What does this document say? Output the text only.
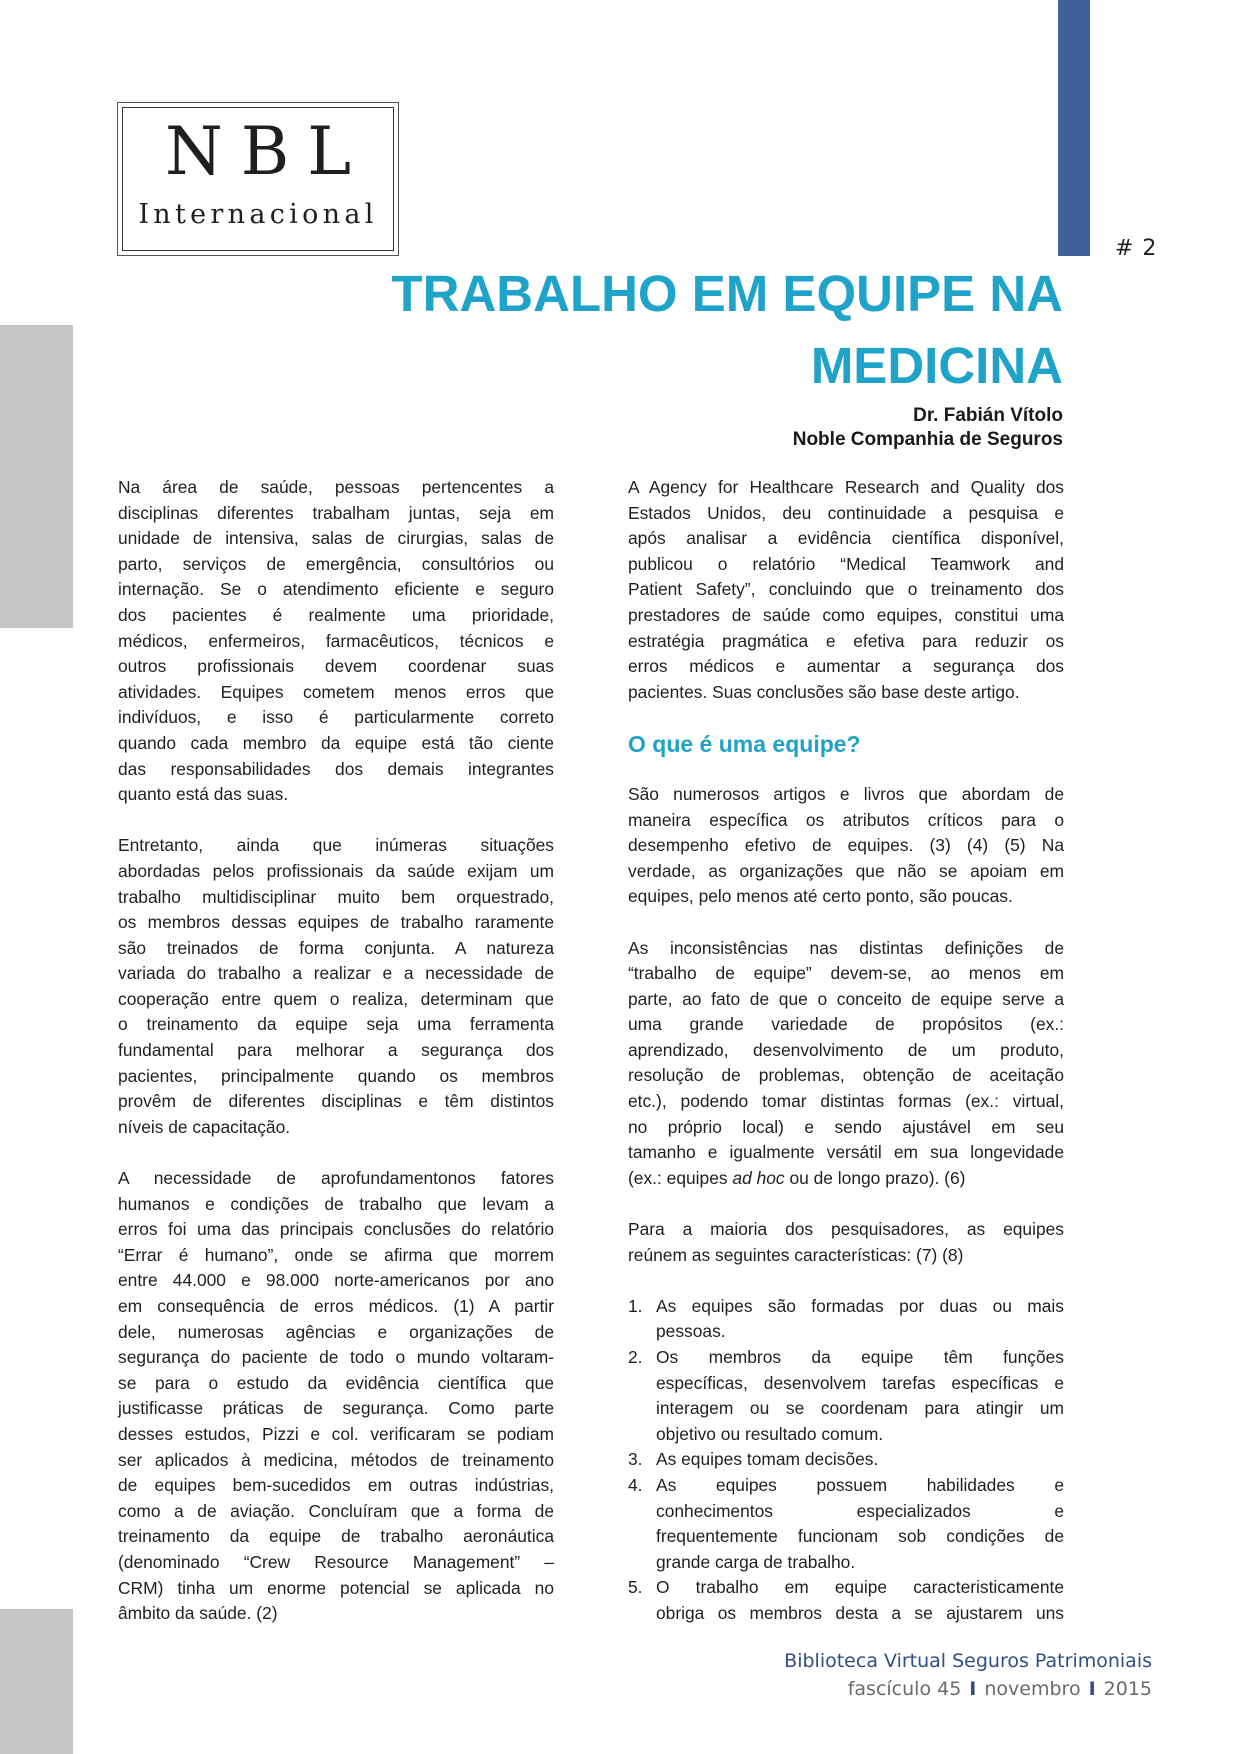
# 2
NBL
Internacional
TRABALHO EM EQUIPE NA
MEDICINA
Dr. Fabián Vítolo
Noble Companhia de Seguros
Na área de saúde, pessoas pertencentes a
disciplinas diferentes trabalham juntas, seja em
unidade de intensiva, salas de cirurgias, salas de
parto, serviços de emergência, consultórios ou
internação. Se o atendimento eficiente e seguro
dos pacientes é realmente uma prioridade,
médicos, enfermeiros, farmacêuticos, técnicos e
outros profissionais devem coordenar suas
atividades. Equipes cometem menos erros que
indivíduos, e isso é particularmente correto
quando cada membro da equipe está tão ciente
das responsabilidades dos demais integrantes
quanto está das suas.
Entretanto, ainda que inúmeras situações
abordadas pelos profissionais da saúde exijam um
trabalho multidisciplinar muito bem orquestrado,
os membros dessas equipes de trabalho raramente
são treinados de forma conjunta. A natureza
variada do trabalho a realizar e a necessidade de
cooperação entre quem o realiza, determinam que
o treinamento da equipe seja uma ferramenta
fundamental para melhorar a segurança dos
pacientes, principalmente quando os membros
provêm de diferentes disciplinas e têm distintos
níveis de capacitação.
A necessidade de aprofundamentonos fatores
humanos e condições de trabalho que levam a
erros foi uma das principais conclusões do relatório
“Errar é humano”, onde se afirma que morrem
entre 44.000 e 98.000 norte-americanos por ano
em consequência de erros médicos. (1) A partir
dele, numerosas agências e organizações de
segurança do paciente de todo o mundo voltaram-
se para o estudo da evidência científica que
justificasse práticas de segurança. Como parte
desses estudos, Pizzi e col. verificaram se podiam
ser aplicados à medicina, métodos de treinamento
de equipes bem-sucedidos em outras indústrias,
como a de aviação. Concluíram que a forma de
treinamento da equipe de trabalho aeronáutica
(denominado “Crew Resource Management” –
CRM) tinha um enorme potencial se aplicada no
âmbito da saúde. (2)
A Agency for Healthcare Research and Quality dos
Estados Unidos, deu continuidade a pesquisa e
após analisar a evidência científica disponível,
publicou o relatório “Medical Teamwork and
Patient Safety”, concluindo que o treinamento dos
prestadores de saúde como equipes, constitui uma
estratégia pragmática e efetiva para reduzir os
erros médicos e aumentar a segurança dos
pacientes. Suas conclusões são base deste artigo.
O que é uma equipe?
São numerosos artigos e livros que abordam de
maneira específica os atributos críticos para o
desempenho efetivo de equipes. (3) (4) (5) Na
verdade, as organizações que não se apoiam em
equipes, pelo menos até certo ponto, são poucas.
As inconsistências nas distintas definições de
“trabalho de equipe” devem-se, ao menos em
parte, ao fato de que o conceito de equipe serve a
uma grande variedade de propósitos (ex.:
aprendizado, desenvolvimento de um produto,
resolução de problemas, obtenção de aceitação
etc.), podendo tomar distintas formas (ex.: virtual,
no próprio local) e sendo ajustável em seu
tamanho e igualmente versátil em sua longevidade
(ex.: equipes ad hoc ou de longo prazo). (6)
Para a maioria dos pesquisadores, as equipes
reúnem as seguintes características: (7) (8)
1. As equipes são formadas por duas ou mais
pessoas.
2. Os membros da equipe têm funções
específicas, desenvolvem tarefas específicas e
interagem ou se coordenam para atingir um
objetivo ou resultado comum.
3. As equipes tomam decisões.
4. As equipes possuem habilidades e
conhecimentos especializados e
frequentemente funcionam sob condições de
grande carga de trabalho.
5. O trabalho em equipe caracteristicamente
obriga os membros desta a se ajustarem uns
Biblioteca Virtual Seguros Patrimoniais
fascículo 45 I novembro I 2015
